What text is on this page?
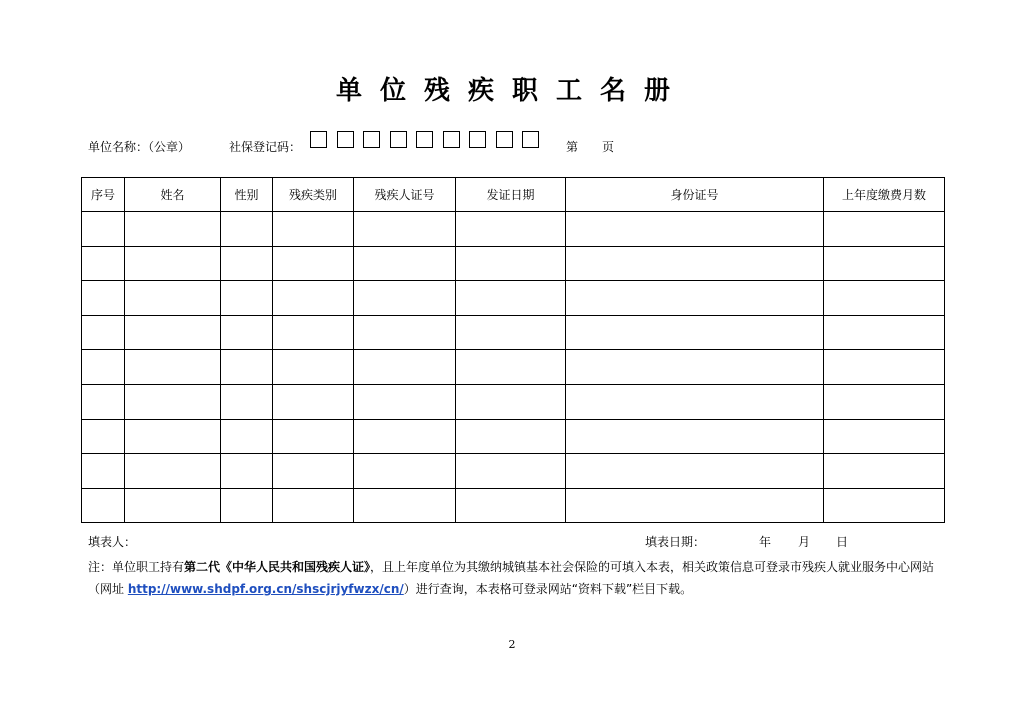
单位残疾职工名册
单位名称：（公章）	社保登记码：	第 页
序号	姓名	性别	残疾类别	残疾人证号	发证日期	身份证号	上年度缴费月数

填表人：	填表日期：	年 月 日
注：单位职工持有第二代《中华人民共和国残疾人证》，且上年度单位为其缴纳城镇基本社会保险的可填入本表，相关政策信息可登录市残疾人就业服务中心网站（网址 http://www.shdpf.org.cn/shscjrjyfwzx/cn/）进行查询，本表格可登录网站“资料下载”栏目下载。
2
